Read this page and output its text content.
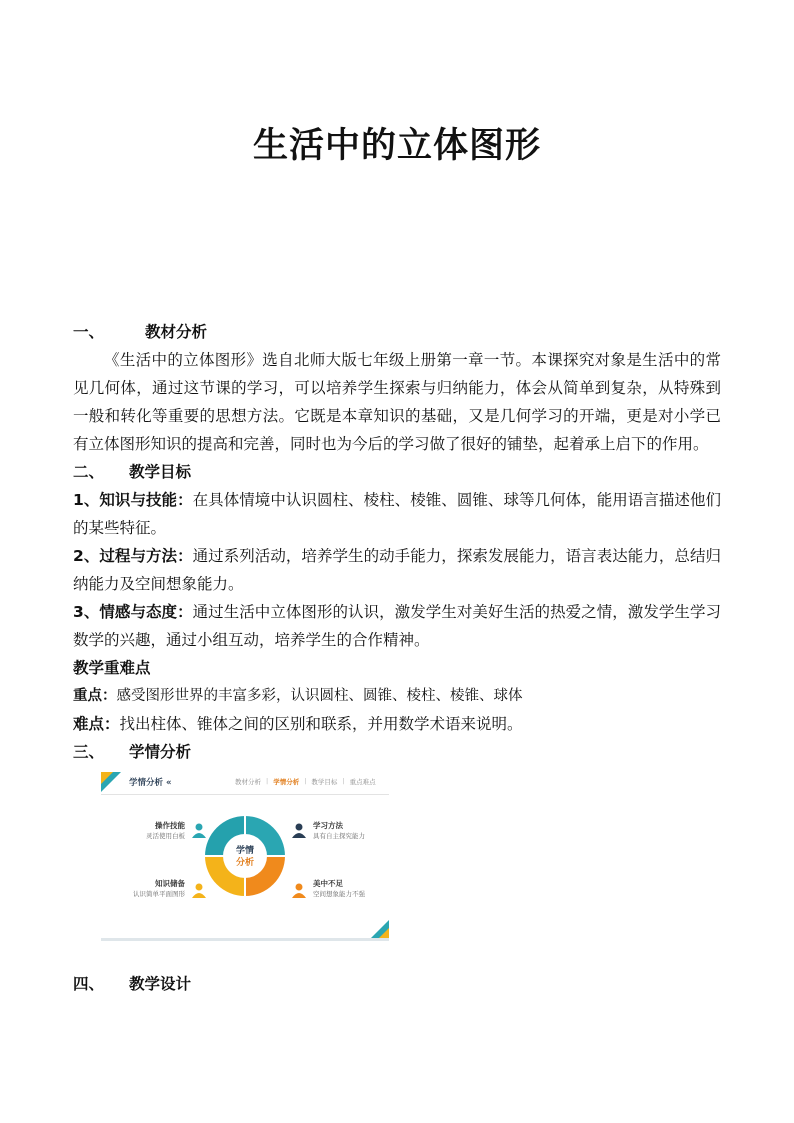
生活中的立体图形
一、	教材分析

《生活中的立体图形》选自北师大版七年级上册第一章一节。本课探究对象是生活中的常见几何体，通过这节课的学习，可以培养学生探索与归纳能力，体会从简单到复杂，从特殊到一般和转化等重要的思想方法。它既是本章知识的基础，又是几何学习的开端，更是对小学已有立体图形知识的提高和完善，同时也为今后的学习做了很好的铺垫，起着承上启下的作用。

二、	教学目标

1、知识与技能：在具体情境中认识圆柱、棱柱、棱锥、圆锥、球等几何体，能用语言描述他们的某些特征。

2、过程与方法：通过系列活动，培养学生的动手能力，探索发展能力，语言表达能力，总结归纳能力及空间想象能力。

3、情感与态度：通过生活中立体图形的认识，激发学生对美好生活的热爱之情，激发学生学习数学的兴趣，通过小组互动，培养学生的合作精神。

教学重难点

重点：感受图形世界的丰富多彩，认识圆柱、圆锥、棱柱、棱锥、球体

难点：找出柱体、锥体之间的区别和联系，并用数学术语来说明。

三、	学情分析
学情分析 «	教材分析 | 学情分析 | 教学目标 | 重点难点
学情
分析
操作技能
灵活使用白板
学习方法
具有自主探究能力
知识储备
认识简单平面图形
美中不足
空间想象能力不强
四、	教学设计
